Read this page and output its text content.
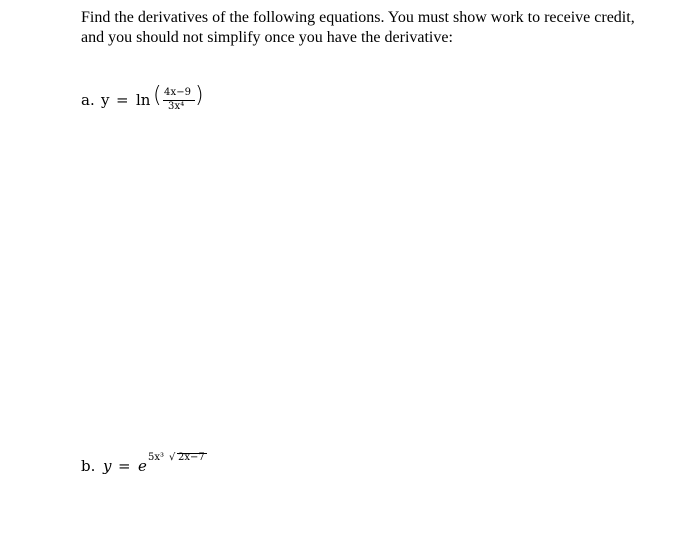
Find the derivatives of the following equations. You must show work to receive credit,
and you should not simplify once you have the derivative:
a. y = ln ( 4x−9
3x⁴ )
b. y = e 5x³ √ 2x−7
